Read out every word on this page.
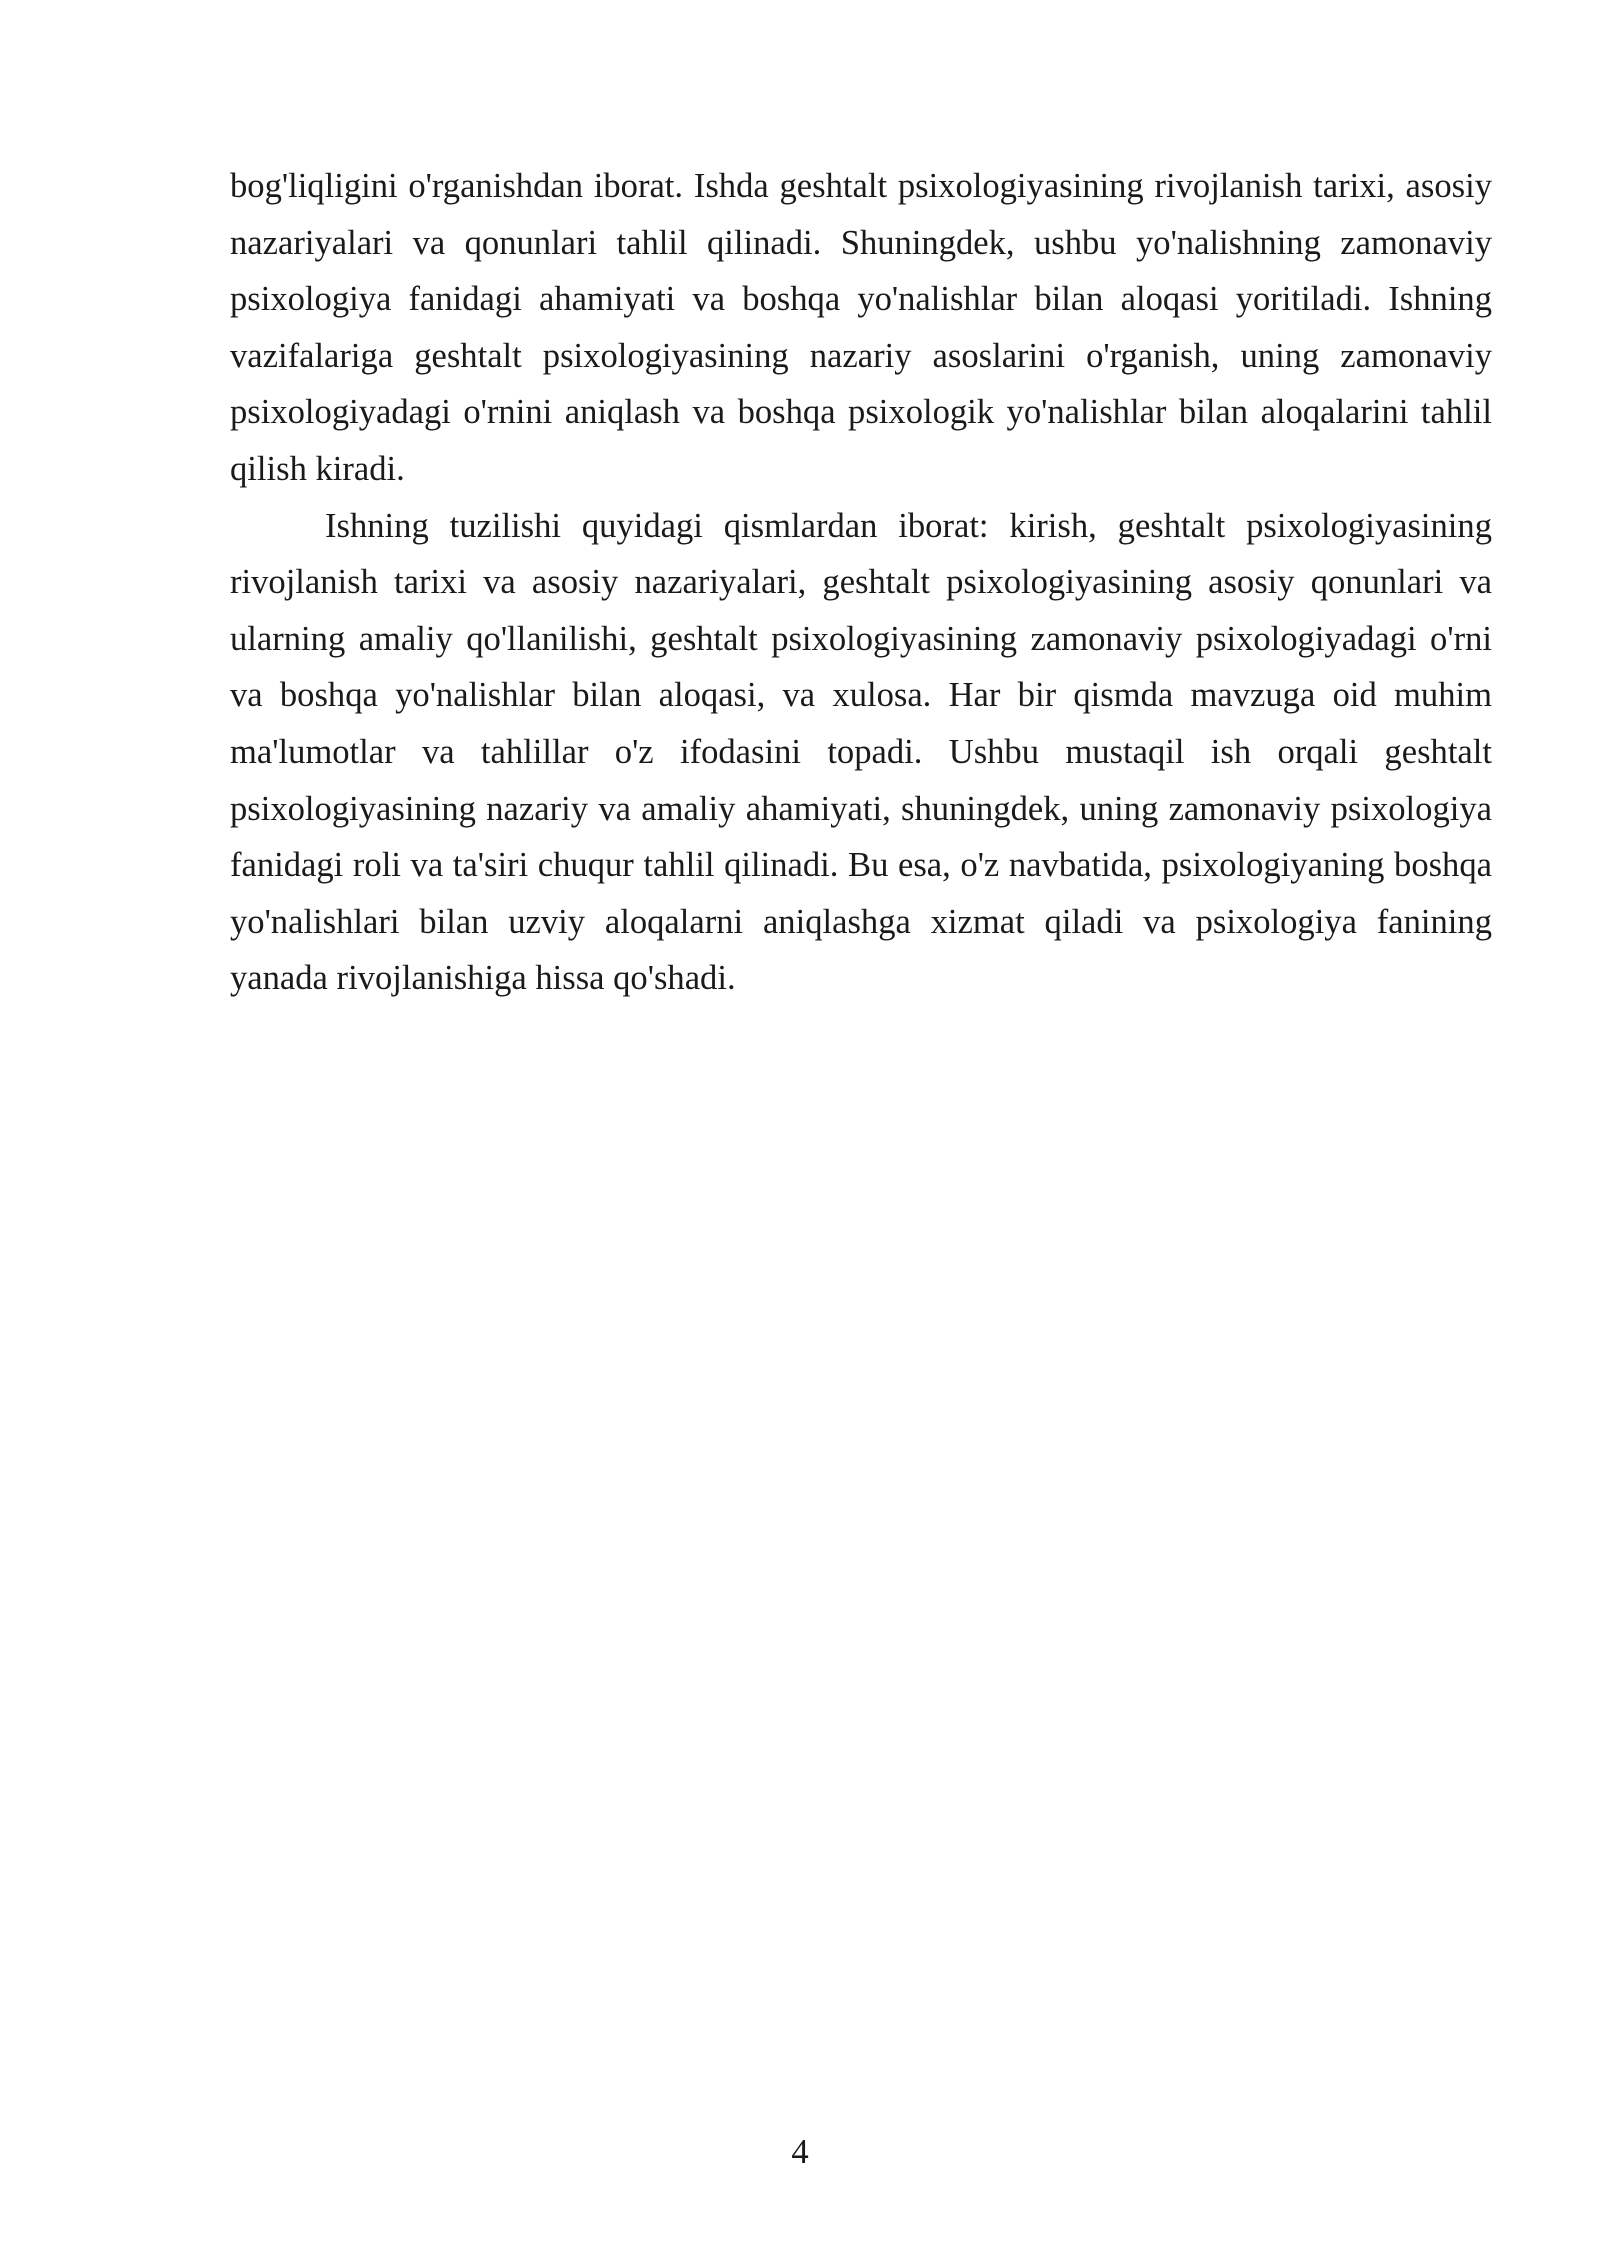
bog'liqligini o'rganishdan iborat. Ishda geshtalt psixologiyasining rivojlanish tarixi, asosiy nazariyalari va qonunlari tahlil qilinadi. Shuningdek, ushbu yo'nalishning zamonaviy psixologiya fanidagi ahamiyati va boshqa yo'nalishlar bilan aloqasi yoritiladi. Ishning vazifalariga geshtalt psixologiyasining nazariy asoslarini o'rganish, uning zamonaviy psixologiyadagi o'rnini aniqlash va boshqa psixologik yo'nalishlar bilan aloqalarini tahlil qilish kiradi.

Ishning tuzilishi quyidagi qismlardan iborat: kirish, geshtalt psixologiyasining rivojlanish tarixi va asosiy nazariyalari, geshtalt psixologiyasining asosiy qonunlari va ularning amaliy qo'llanilishi, geshtalt psixologiyasining zamonaviy psixologiyadagi o'rni va boshqa yo'nalishlar bilan aloqasi, va xulosa. Har bir qismda mavzuga oid muhim ma'lumotlar va tahlillar o'z ifodasini topadi. Ushbu mustaqil ish orqali geshtalt psixologiyasining nazariy va amaliy ahamiyati, shuningdek, uning zamonaviy psixologiya fanidagi roli va ta'siri chuqur tahlil qilinadi. Bu esa, o'z navbatida, psixologiyaning boshqa yo'nalishlari bilan uzviy aloqalarni aniqlashga xizmat qiladi va psixologiya fanining yanada rivojlanishiga hissa qo'shadi.

4
